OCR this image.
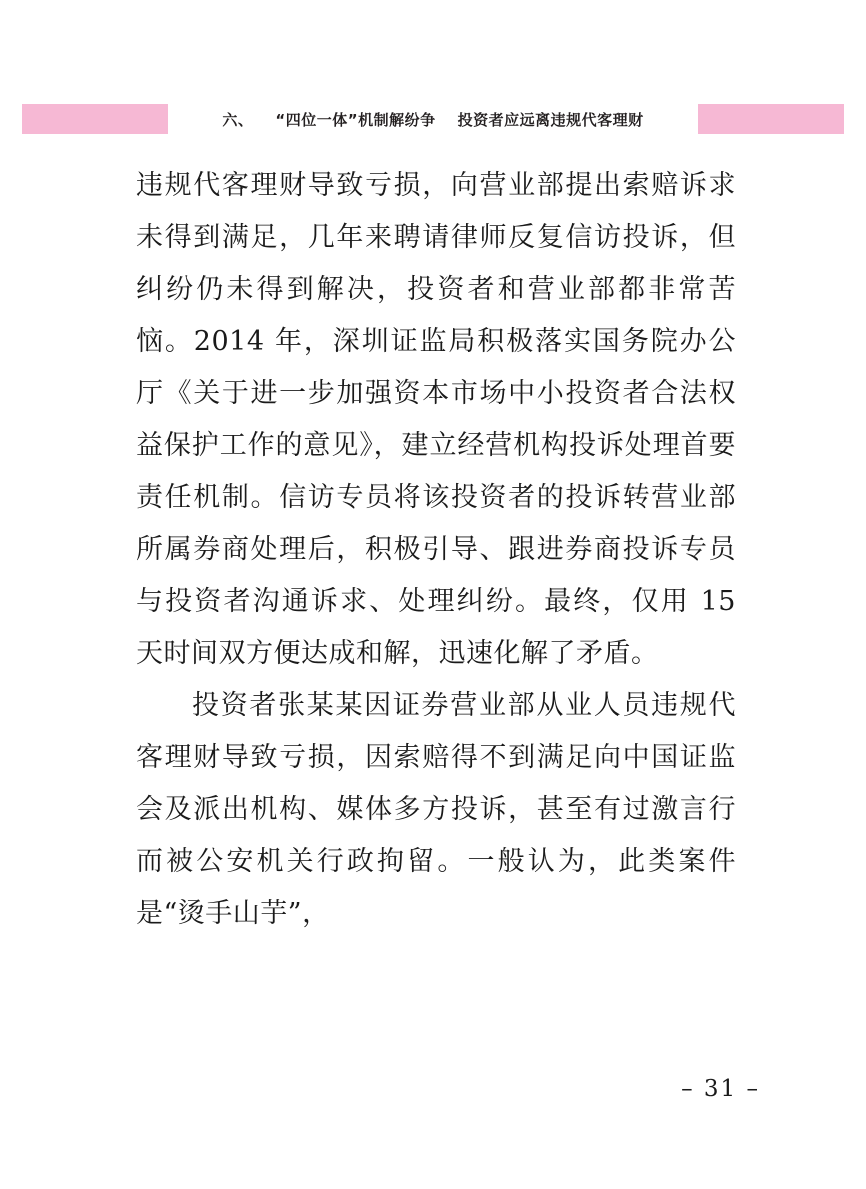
六、 “四位一体”机制解纷争 投资者应远离违规代客理财

违规代客理财导致亏损，向营业部提出索赔诉求未得到满足，几年来聘请律师反复信访投诉，但纠纷仍未得到解决，投资者和营业部都非常苦恼。2014 年，深圳证监局积极落实国务院办公厅《关于进一步加强资本市场中小投资者合法权益保护工作的意见》，建立经营机构投诉处理首要责任机制。信访专员将该投资者的投诉转营业部所属券商处理后，积极引导、跟进券商投诉专员与投资者沟通诉求、处理纠纷。最终，仅用 15 天时间双方便达成和解，迅速化解了矛盾。

投资者张某某因证券营业部从业人员违规代客理财导致亏损，因索赔得不到满足向中国证监会及派出机构、媒体多方投诉，甚至有过激言行而被公安机关行政拘留。一般认为，此类案件是“烫手山芋”，

– 31 –
